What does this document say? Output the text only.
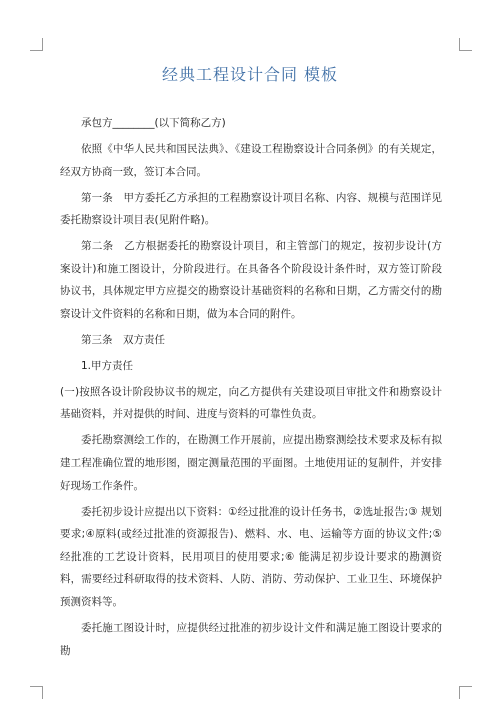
经典工程设计合同 模板

承包方________(以下简称乙方)

依照《中华人民共和国民法典》、《建设工程勘察设计合同条例》的有关规定，经双方协商一致，签订本合同。

第一条　甲方委托乙方承担的工程勘察设计项目名称、内容、规模与范围详见委托勘察设计项目表(见附件略)。

第二条　乙方根据委托的勘察设计项目，和主管部门的规定，按初步设计(方案设计)和施工图设计，分阶段进行。在具备各个阶段设计条件时，双方签订阶段协议书，具体规定甲方应提交的勘察设计基础资料的名称和日期，乙方需交付的勘察设计文件资料的名称和日期，做为本合同的附件。

第三条　双方责任

1.甲方责任

(一)按照各设计阶段协议书的规定，向乙方提供有关建设项目审批文件和勘察设计基础资料，并对提供的时间、进度与资料的可靠性负责。

委托勘察测绘工作的，在勘测工作开展前，应提出勘察测绘技术要求及标有拟建工程准确位置的地形图，圈定测量范围的平面图。土地使用证的复制件，并安排好现场工作条件。

委托初步设计应提出以下资料：①经过批准的设计任务书，②选址报告;③ 规划要求;④原料(或经过批准的资源报告)、燃料、水、电、运输等方面的协议文件;⑤ 经批准的工艺设计资料，民用项目的使用要求;⑥ 能满足初步设计要求的勘测资料，需要经过科研取得的技术资料、人防、消防、劳动保护、工业卫生、环境保护预测资料等。

委托施工图设计时，应提供经过批准的初步设计文件和满足施工图设计要求的勘
